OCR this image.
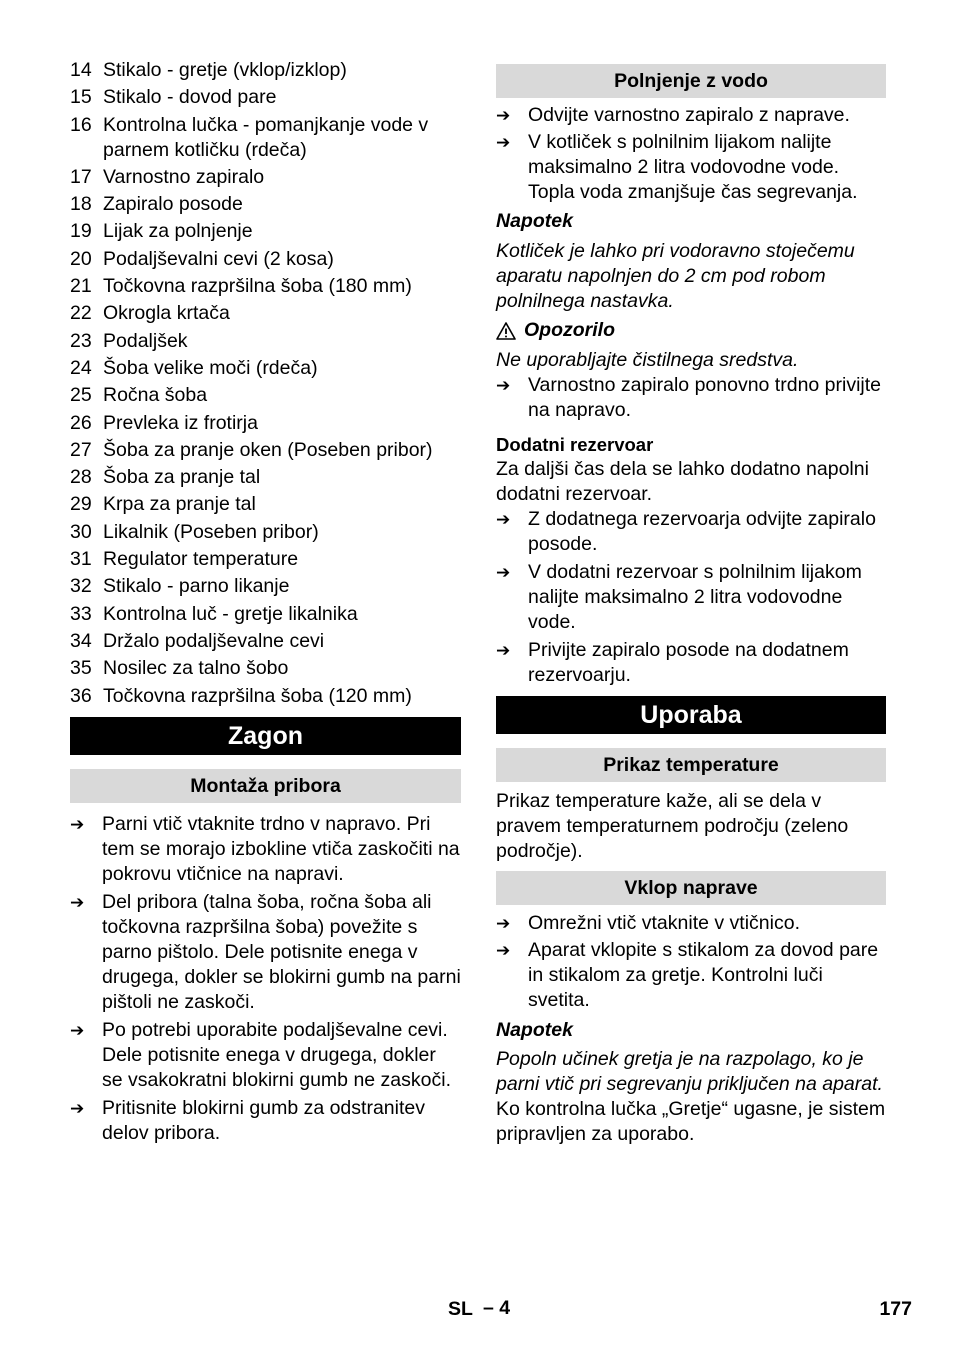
14 Stikalo - gretje (vklop/izklop)
15 Stikalo - dovod pare
16 Kontrolna lučka - pomanjkanje vode v parnem kotličku (rdeča)
17 Varnostno zapiralo
18 Zapiralo posode
19 Lijak za polnjenje
20 Podaljševalni cevi (2 kosa)
21 Točkovna razpršilna šoba (180 mm)
22 Okrogla krtača
23 Podaljšek
24 Šoba velike moči (rdeča)
25 Ročna šoba
26 Prevleka iz frotirja
27 Šoba za pranje oken (Poseben pribor)
28 Šoba za pranje tal
29 Krpa za pranje tal
30 Likalnik (Poseben pribor)
31 Regulator temperature
32 Stikalo - parno likanje
33 Kontrolna luč - gretje likalnika
34 Držalo podaljševalne cevi
35 Nosilec za talno šobo
36 Točkovna razpršilna šoba (120 mm)
Zagon
Montaža pribora
➔ Parni vtič vtaknite trdno v napravo. Pri tem se morajo izbokline vtiča zaskočiti na pokrovu vtičnice na napravi.
➔ Del pribora (talna šoba, ročna šoba ali točkovna razpršilna šoba) povežite s parno pištolo. Dele potisnite enega v drugega, dokler se blokirni gumb na parni pištoli ne zaskoči.
➔ Po potrebi uporabite podaljševalne cevi. Dele potisnite enega v drugega, dokler se vsakokratni blokirni gumb ne zaskoči.
➔ Pritisnite blokirni gumb za odstranitev delov pribora.
Polnjenje z vodo
➔ Odvijte varnostno zapiralo z naprave.
➔ V kotliček s polnilnim lijakom nalijte maksimalno 2 litra vodovodne vode. Topla voda zmanjšuje čas segrevanja.
Napotek
Kotliček je lahko pri vodoravno stoječemu aparatu napolnjen do 2 cm pod robom polnilnega nastavka.
Opozorilo
Ne uporabljajte čistilnega sredstva.
➔ Varnostno zapiralo ponovno trdno privijte na napravo.
Dodatni rezervoar
Za daljši čas dela se lahko dodatno napolni dodatni rezervoar.
➔ Z dodatnega rezervoarja odvijte zapiralo posode.
➔ V dodatni rezervoar s polnilnim lijakom nalijte maksimalno 2 litra vodovodne vode.
➔ Privijte zapiralo posode na dodatnem rezervoarju.
Uporaba
Prikaz temperature
Prikaz temperature kaže, ali se dela v pravem temperaturnem področju (zeleno področje).
Vklop naprave
➔ Omrežni vtič vtaknite v vtičnico.
➔ Aparat vklopite s stikalom za dovod pare in stikalom za gretje. Kontrolni luči svetita.
Napotek
Popoln učinek gretja je na razpolago, ko je parni vtič pri segrevanju priključen na aparat.
Ko kontrolna lučka „Gretje“ ugasne, je sistem pripravljen za uporabo.
SL – 4	177
